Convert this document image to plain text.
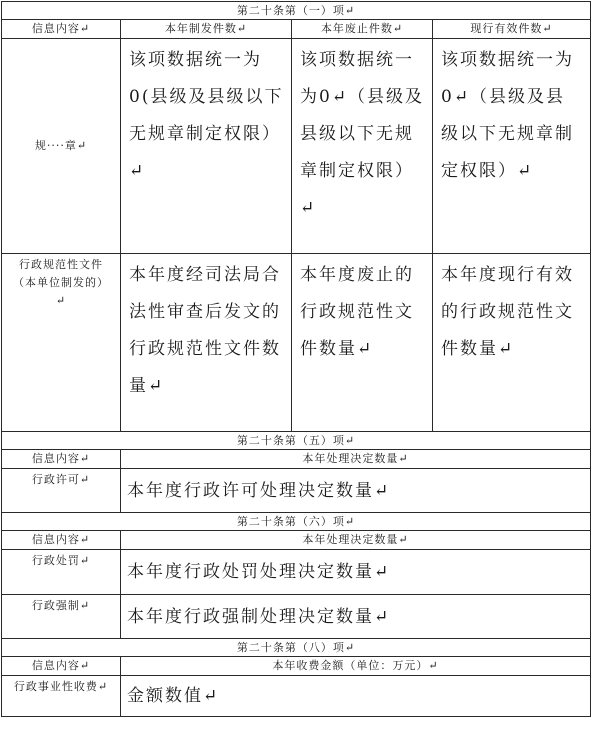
第二十条第（一）项↵			
信息内容↵	本年制发件数↵	本年废止件数↵	现行有效件数↵
规····章↵	该项数据统一为0(县级及县级以下无规章制定权限）↵	该项数据统一为0↵（县级及县级以下无规章制定权限）↵	该项数据统一为0↵（县级及县级以下无规章制定权限）↵
行政规范性文件（本单位制发的）↵	本年度经司法局合法性审查后发文的行政规范性文件数量↵	本年度废止的行政规范性文件数量↵	本年度现行有效的行政规范性文件数量↵
第二十条第（五）项↵			
信息内容↵	本年处理决定数量↵		
行政许可↵	本年度行政许可处理决定数量↵		
第二十条第（六）项↵			
信息内容↵	本年处理决定数量↵		
行政处罚↵	本年度行政处罚处理决定数量↵		
行政强制↵	本年度行政强制处理决定数量↵		
第二十条第（八）项↵			
信息内容↵	本年收费金额（单位：万元）↵		
行政事业性收费↵	金额数值↵		
